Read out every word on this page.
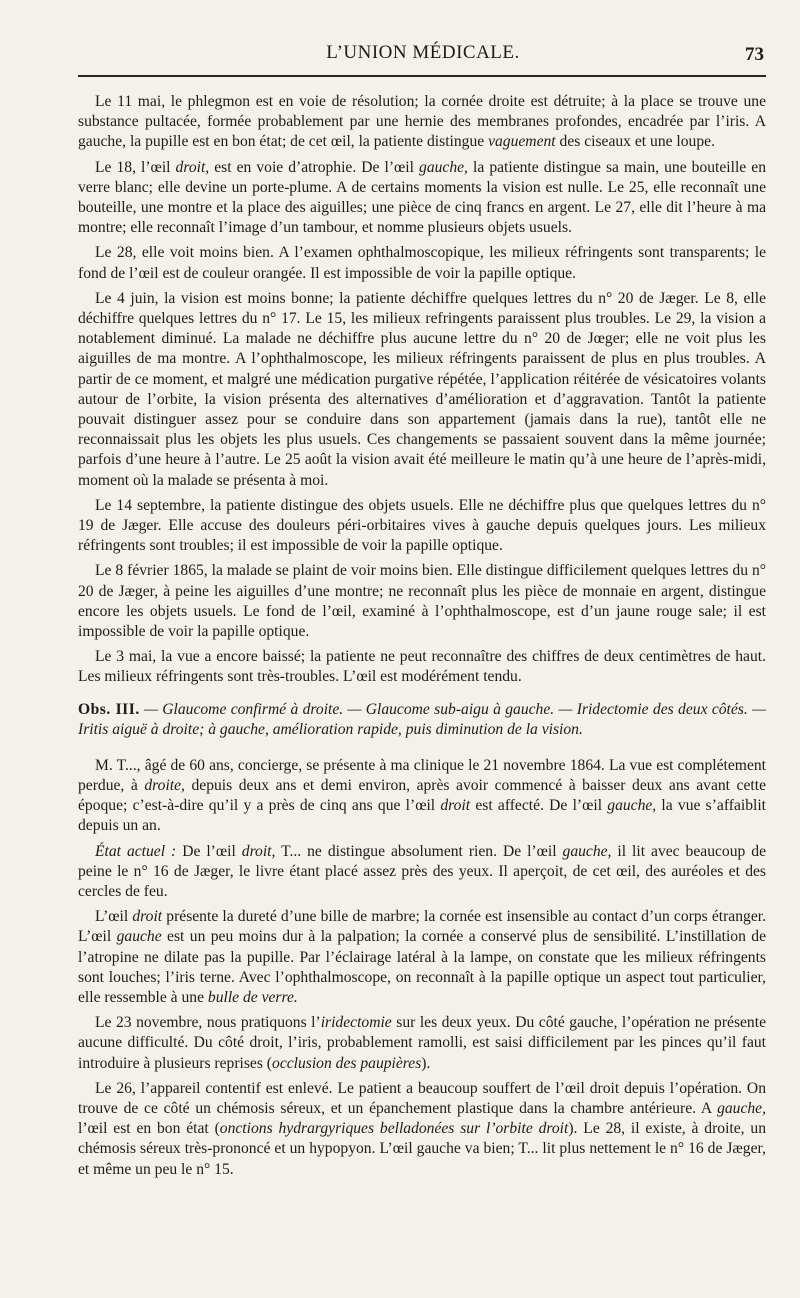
L’UNION MÉDICALE.	73

Le 11 mai, le phlegmon est en voie de résolution; la cornée droite est détruite; à la place se trouve une substance pultacée, formée probablement par une hernie des membranes profondes, encadrée par l’iris. A gauche, la pupille est en bon état; de cet œil, la patiente distingue vaguement des ciseaux et une loupe.

Le 18, l’œil droit, est en voie d’atrophie. De l’œil gauche, la patiente distingue sa main, une bouteille en verre blanc; elle devine un porte-plume. A de certains moments la vision est nulle. Le 25, elle reconnaît une bouteille, une montre et la place des aiguilles; une pièce de cinq francs en argent. Le 27, elle dit l’heure à ma montre; elle reconnaît l’image d’un tambour, et nomme plusieurs objets usuels.

Le 28, elle voit moins bien. A l’examen ophthalmoscopique, les milieux réfringents sont transparents; le fond de l’œil est de couleur orangée. Il est impossible de voir la papille optique.

Le 4 juin, la vision est moins bonne; la patiente déchiffre quelques lettres du n° 20 de Jæger. Le 8, elle déchiffre quelques lettres du n° 17. Le 15, les milieux refringents paraissent plus troubles. Le 29, la vision a notablement diminué. La malade ne déchiffre plus aucune lettre du n° 20 de Jœger; elle ne voit plus les aiguilles de ma montre. A l’ophthalmoscope, les milieux réfringents paraissent de plus en plus troubles. A partir de ce moment, et malgré une médication purgative répétée, l’application réitérée de vésicatoires volants autour de l’orbite, la vision présenta des alternatives d’amélioration et d’aggravation. Tantôt la patiente pouvait distinguer assez pour se conduire dans son appartement (jamais dans la rue), tantôt elle ne reconnaissait plus les objets les plus usuels. Ces changements se passaient souvent dans la même journée; parfois d’une heure à l’autre. Le 25 août la vision avait été meilleure le matin qu’à une heure de l’après-midi, moment où la malade se présenta à moi.

Le 14 septembre, la patiente distingue des objets usuels. Elle ne déchiffre plus que quelques lettres du n° 19 de Jæger. Elle accuse des douleurs péri-orbitaires vives à gauche depuis quelques jours. Les milieux réfringents sont troubles; il est impossible de voir la papille optique.

Le 8 février 1865, la malade se plaint de voir moins bien. Elle distingue difficilement quelques lettres du n° 20 de Jæger, à peine les aiguilles d’une montre; ne reconnaît plus les pièce de monnaie en argent, distingue encore les objets usuels. Le fond de l’œil, examiné à l’ophthalmoscope, est d’un jaune rouge sale; il est impossible de voir la papille optique.

Le 3 mai, la vue a encore baissé; la patiente ne peut reconnaître des chiffres de deux centimètres de haut. Les milieux réfringents sont très-troubles. L’œil est modérément tendu.

Obs. III. — Glaucome confirmé à droite. — Glaucome sub-aigu à gauche. — Iridectomie des deux côtés. — Iritis aiguë à droite; à gauche, amélioration rapide, puis diminution de la vision.

M. T..., âgé de 60 ans, concierge, se présente à ma clinique le 21 novembre 1864. La vue est complétement perdue, à droite, depuis deux ans et demi environ, après avoir commencé à baisser deux ans avant cette époque; c’est-à-dire qu’il y a près de cinq ans que l’œil droit est affecté. De l’œil gauche, la vue s’affaiblit depuis un an.

État actuel : De l’œil droit, T... ne distingue absolument rien. De l’œil gauche, il lit avec beaucoup de peine le n° 16 de Jæger, le livre étant placé assez près des yeux. Il aperçoit, de cet œil, des auréoles et des cercles de feu.

L’œil droit présente la dureté d’une bille de marbre; la cornée est insensible au contact d’un corps étranger. L’œil gauche est un peu moins dur à la palpation; la cornée a conservé plus de sensibilité. L’instillation de l’atropine ne dilate pas la pupille. Par l’éclairage latéral à la lampe, on constate que les milieux réfringents sont louches; l’iris terne. Avec l’ophthalmoscope, on reconnaît à la papille optique un aspect tout particulier, elle ressemble à une bulle de verre.

Le 23 novembre, nous pratiquons l’iridectomie sur les deux yeux. Du côté gauche, l’opération ne présente aucune difficulté. Du côté droit, l’iris, probablement ramolli, est saisi difficilement par les pinces qu’il faut introduire à plusieurs reprises (occlusion des paupières).

Le 26, l’appareil contentif est enlevé. Le patient a beaucoup souffert de l’œil droit depuis l’opération. On trouve de ce côté un chémosis séreux, et un épanchement plastique dans la chambre antérieure. A gauche, l’œil est en bon état (onctions hydrargyriques belladonées sur l’orbite droit). Le 28, il existe, à droite, un chémosis séreux très-prononcé et un hypopyon. L’œil gauche va bien; T... lit plus nettement le n° 16 de Jæger, et même un peu le n° 15.
